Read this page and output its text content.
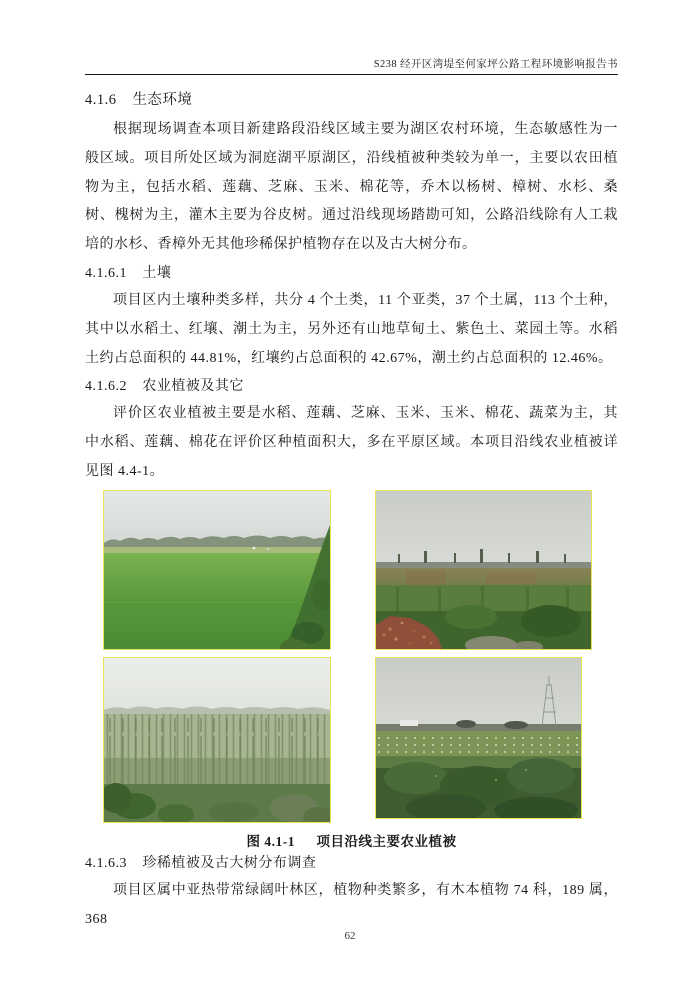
S238 经开区湾堤至何家坪公路工程环境影响报告书
4.1.6 生态环境

根据现场调查本项目新建路段沿线区域主要为湖区农村环境，生态敏感性为一般区域。项目所处区域为洞庭湖平原湖区，沿线植被种类较为单一，主要以农田植物为主，包括水稻、莲藕、芝麻、玉米、棉花等，乔木以杨树、樟树、水杉、桑树、槐树为主，灌木主要为谷皮树。通过沿线现场踏勘可知，公路沿线除有人工栽培的水杉、香樟外无其他珍稀保护植物存在以及古大树分布。

4.1.6.1 土壤

项目区内土壤种类多样，共分 4 个土类，11 个亚类，37 个土属，113 个土种，其中以水稻土、红壤、潮土为主，另外还有山地草甸土、紫色土、菜园土等。水稻土约占总面积的 44.81%，红壤约占总面积的 42.67%，潮土约占总面积的 12.46%。

4.1.6.2 农业植被及其它

评价区农业植被主要是水稻、莲藕、芝麻、玉米、玉米、棉花、蔬菜为主，其中水稻、莲藕、棉花在评价区种植面积大，多在平原区域。本项目沿线农业植被详见图 4.4-1。

图 4.1-1 项目沿线主要农业植被
4.1.6.3 珍稀植被及古大树分布调查

项目区属中亚热带常绿阔叶林区，植物种类繁多，有木本植物 74 科，189 属，368

62
